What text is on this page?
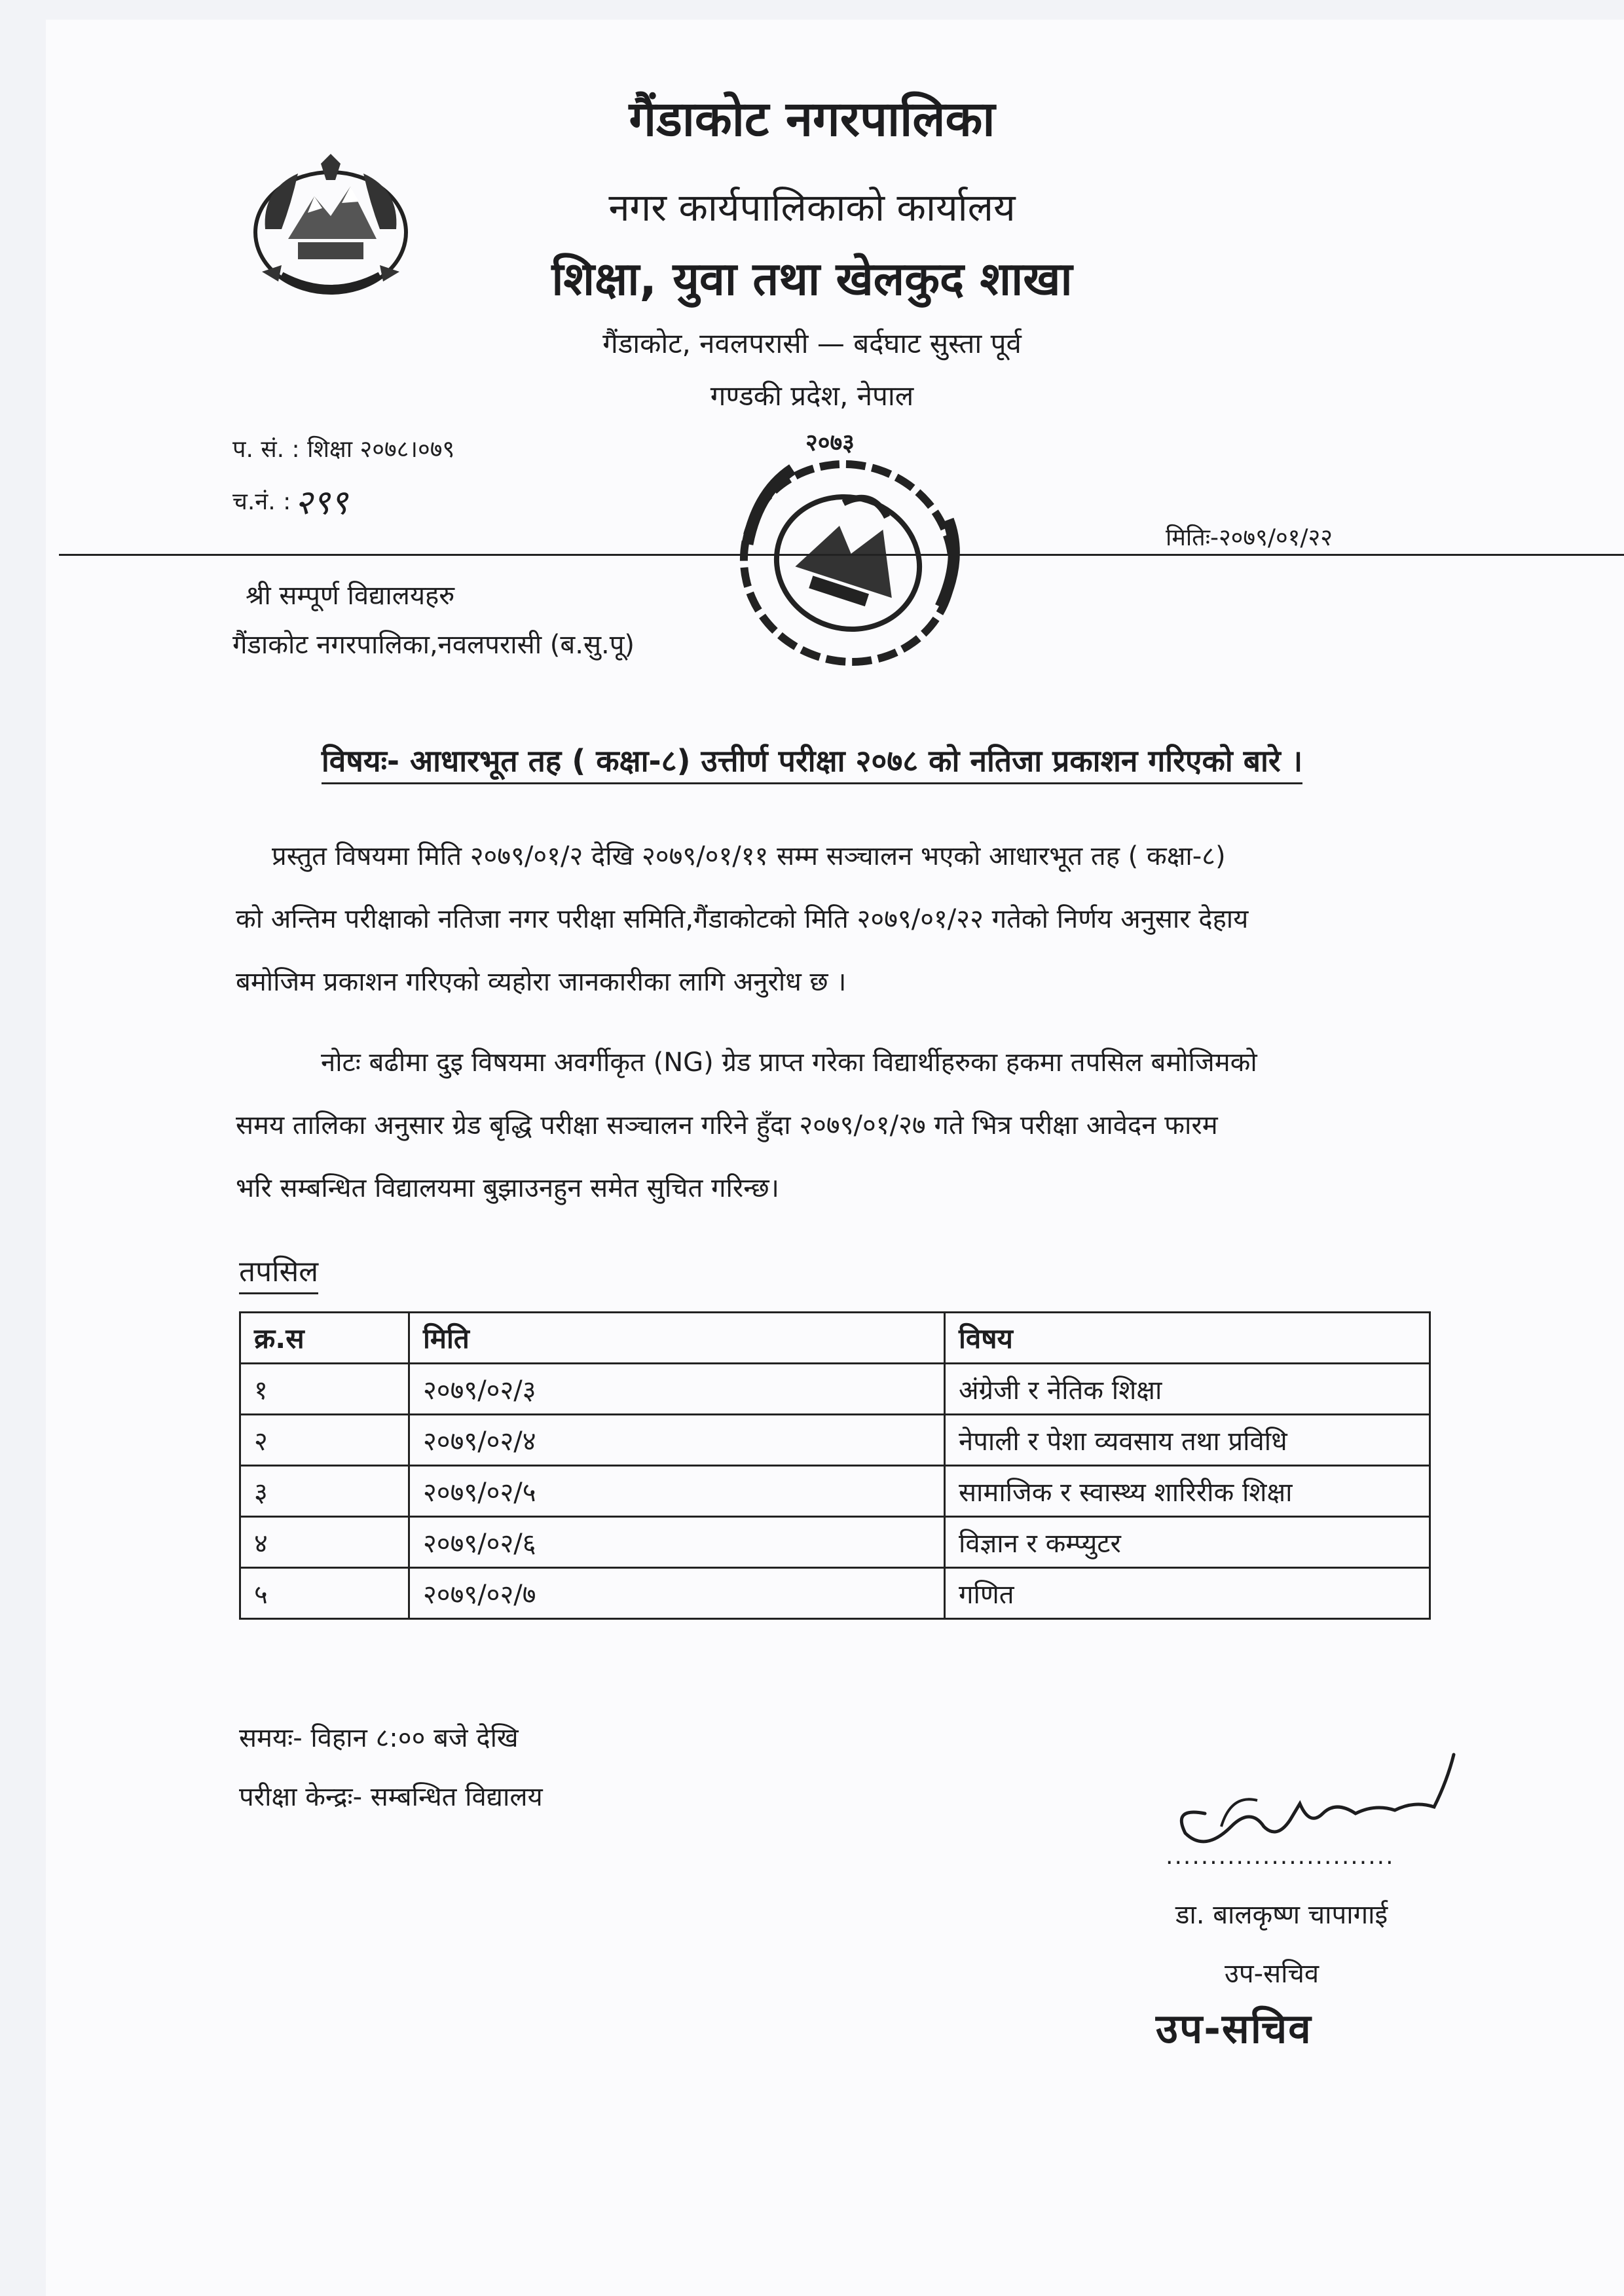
गैंडाकोट नगरपालिका
नगर कार्यपालिकाको कार्यालय
शिक्षा, युवा तथा खेलकुद शाखा
गैंडाकोट, नवलपरासी — बर्दघाट सुस्ता पूर्व
गण्डकी प्रदेश, नेपाल
प. सं. : शिक्षा २०७८।०७९
च.नं. : २९९
मितिः-२०७९/०१/२२
२०७३
श्री सम्पूर्ण विद्यालयहरु
गैंडाकोट नगरपालिका,नवलपरासी (ब.सु.पू)
विषयः- आधारभूत तह ( कक्षा-८) उत्तीर्ण परीक्षा २०७८ को नतिजा प्रकाशन गरिएको बारे ।
प्रस्तुत विषयमा मिति २०७९/०१/२ देखि २०७९/०१/११ सम्म सञ्चालन भएको आधारभूत तह ( कक्षा-८)
को अन्तिम परीक्षाको नतिजा नगर परीक्षा समिति,गैंडाकोटको मिति २०७९/०१/२२ गतेको निर्णय अनुसार देहाय
बमोजिम प्रकाशन गरिएको व्यहोरा जानकारीका लागि अनुरोध छ ।
नोटः बढीमा दुइ विषयमा अवर्गीकृत (NG) ग्रेड प्राप्त गरेका विद्यार्थीहरुका हकमा तपसिल बमोजिमको
समय तालिका अनुसार ग्रेड बृद्धि परीक्षा सञ्चालन गरिने हुँदा २०७९/०१/२७ गते भित्र परीक्षा आवेदन फारम
भरि सम्बन्धित विद्यालयमा बुझाउनहुन समेत सुचित गरिन्छ।
तपसिल
क्र.स	मिति	विषय
१	२०७९/०२/३	अंग्रेजी र नेतिक शिक्षा
२	२०७९/०२/४	नेपाली र पेशा व्यवसाय तथा प्रविधि
३	२०७९/०२/५	सामाजिक र स्वास्थ्य शारिरीक शिक्षा
४	२०७९/०२/६	विज्ञान र कम्प्युटर
५	२०७९/०२/७	गणित
समयः- विहान ८:०० बजे देखि
परीक्षा केन्द्रः- सम्बन्धित विद्यालय
..........................
डा. बालकृष्ण चापागाई
उप-सचिव
उप-सचिव
